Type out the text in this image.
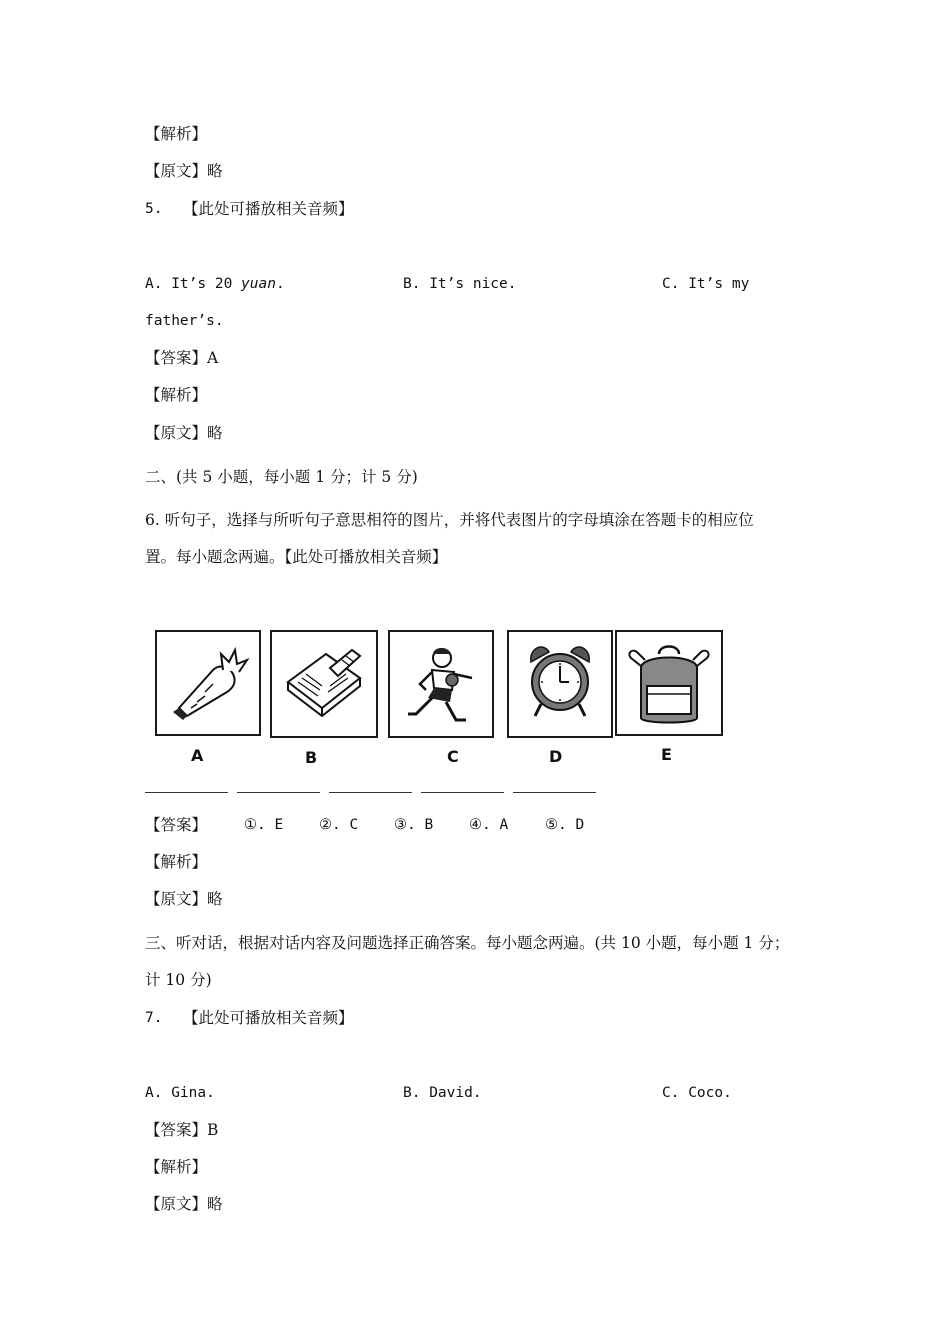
【解析】
【原文】略
5. 【此处可播放相关音频】
A. It’s 20 yuan.	B. It’s nice.	C. It’s my
father’s.
【答案】A
【解析】
【原文】略
二、(共 5 小题，每小题 1 分；计 5 分)
6. 听句子，选择与所听句子意思相符的图片，并将代表图片的字母填涂在答题卡的相应位
置。每小题念两遍。【此处可播放相关音频】
A	B	C	D	E
【答案】	①. E ②. C ③. B ④. A	⑤. D
【解析】
【原文】略
三、听对话，根据对话内容及问题选择正确答案。每小题念两遍。(共 10 小题，每小题 1 分；
计 10 分)
7. 【此处可播放相关音频】
A. Gina.	B. David.	C. Coco.
【答案】B
【解析】
【原文】略
